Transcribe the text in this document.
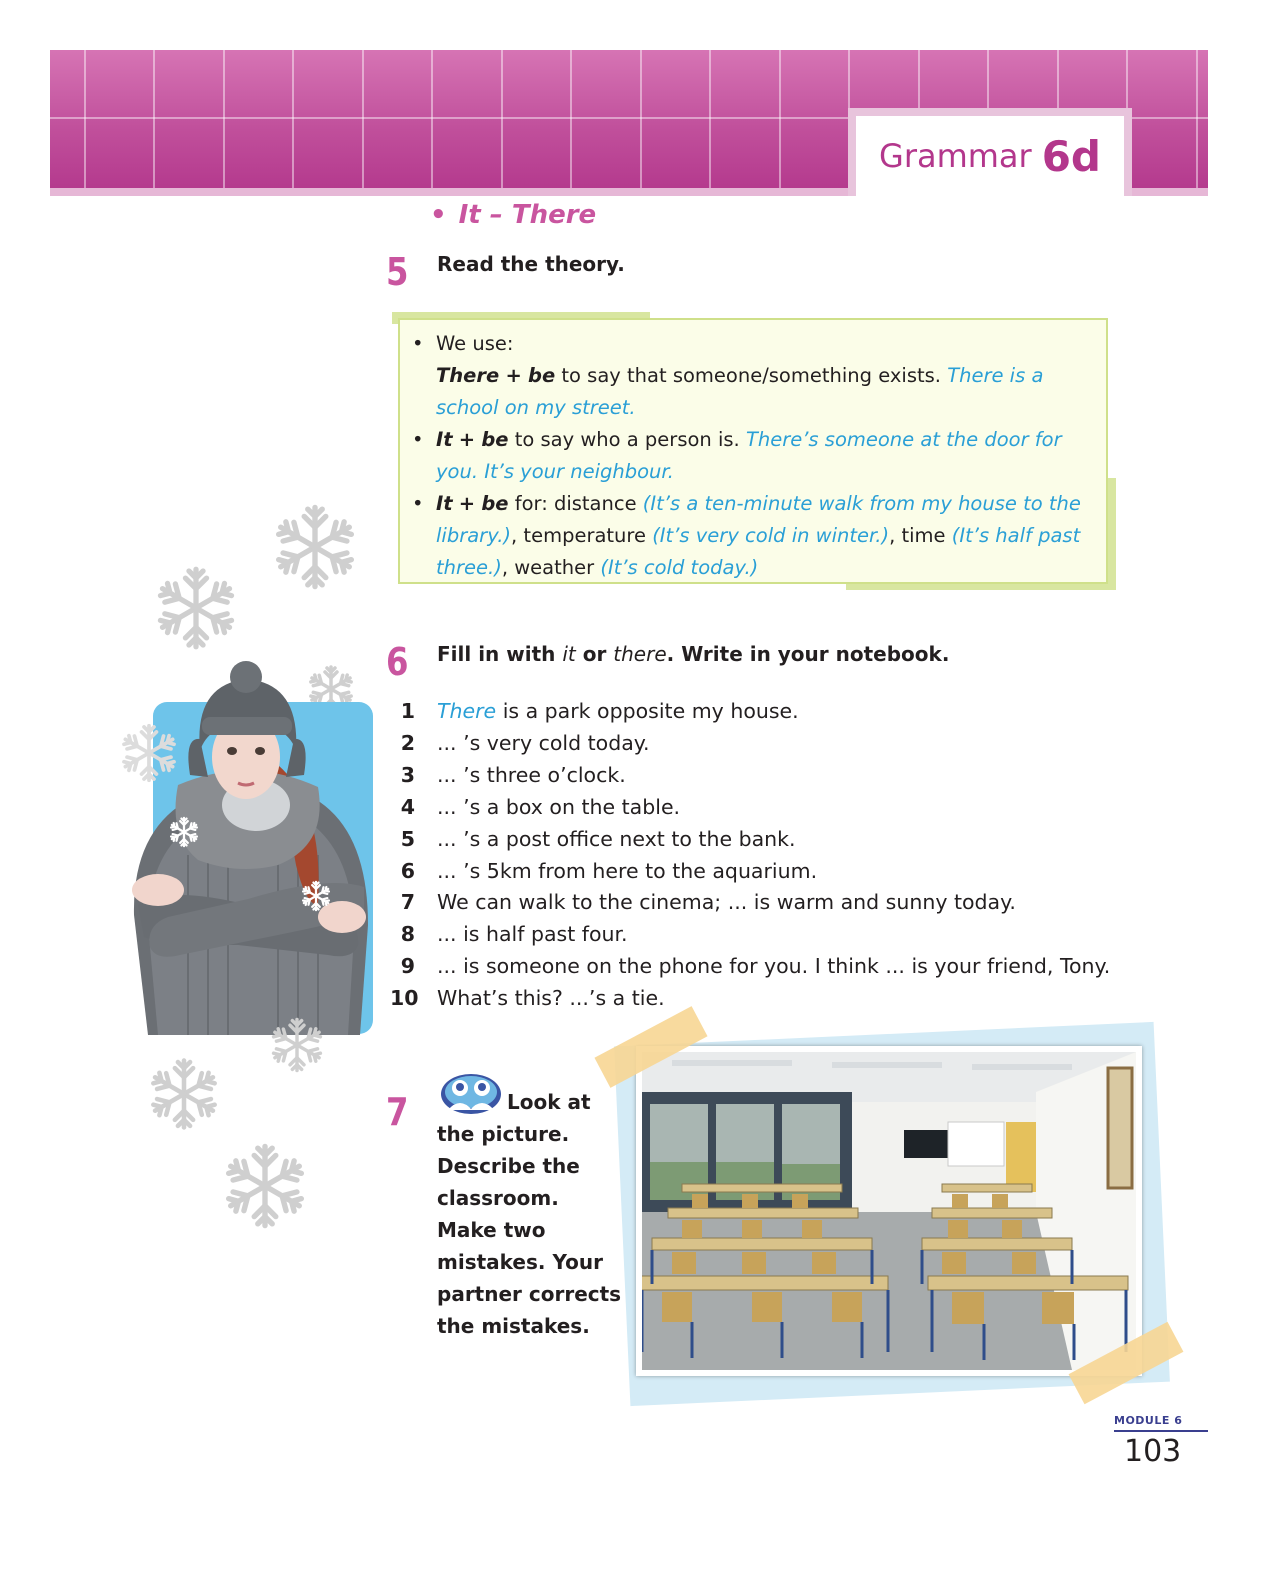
Grammar 6d
• It – There
5 Read the theory.
• We use:
There + be to say that someone/something exists. There is a school on my street.
• It + be to say who a person is. There’s someone at the door for you. It’s your neighbour.
• It + be for: distance (It’s a ten-minute walk from my house to the library.), temperature (It’s very cold in winter.), time (It’s half past three.), weather (It’s cold today.)
6 Fill in with it or there. Write in your notebook.
1	There is a park opposite my house.
2	... ’s very cold today.
3	... ’s three o’clock.
4	... ’s a box on the table.
5	... ’s a post office next to the bank.
6	... ’s 5km from here to the aquarium.
7	We can walk to the cinema; ... is warm and sunny today.
8	... is half past four.
9	... is someone on the phone for you. I think ... is your friend, Tony.
10 What’s this? ...’s a tie.
7	Look at
the picture.
Describe the
classroom.
Make two
mistakes. Your
partner corrects
the mistakes.
MODULE 6
103
